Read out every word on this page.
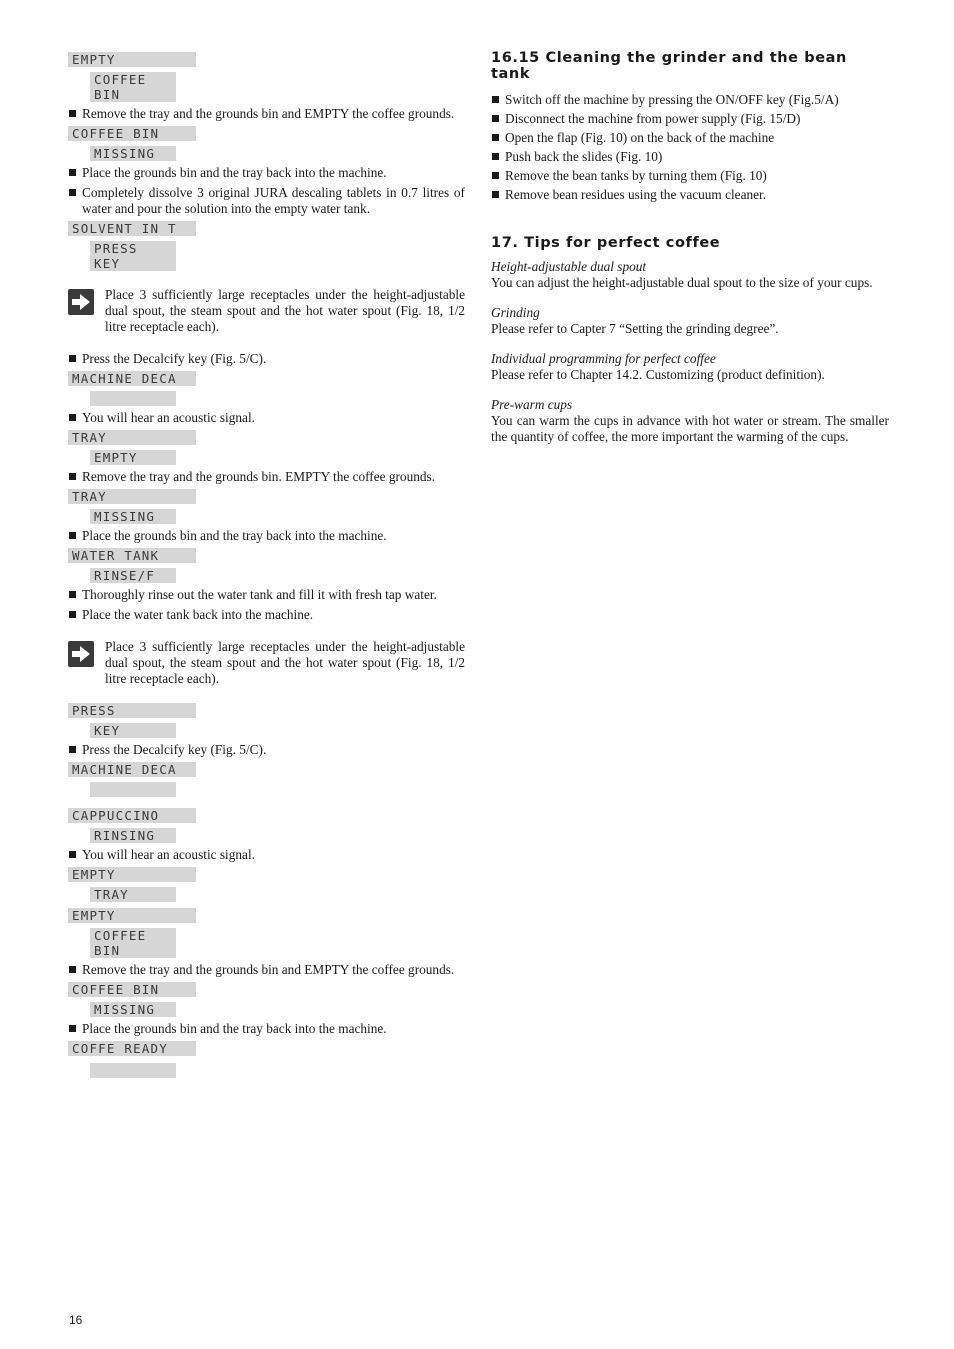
EMPTY
COFFEE
BIN
Remove the tray and the grounds bin and EMPTY the coffee grounds.
COFFEE BIN
MISSING
Place the grounds bin and the tray back into the machine.
Completely dissolve 3 original JURA descaling tablets in 0.7 litres of water and pour the solution into the empty water tank.
SOLVENT IN T
PRESS
KEY
Place 3 sufficiently large receptacles under the height-adjustable dual spout, the steam spout and the hot water spout (Fig. 18, 1/2 litre receptacle each).
Press the Decalcify key (Fig. 5/C).
MACHINE DECA
You will hear an acoustic signal.
TRAY
EMPTY
Remove the tray and the grounds bin. EMPTY the coffee grounds.
TRAY
MISSING
Place the grounds bin and the tray back into the machine.
WATER TANK
RINSE/F
Thoroughly rinse out the water tank and fill it with fresh tap water.
Place the water tank back into the machine.
Place 3 sufficiently large receptacles under the height-adjustable dual spout, the steam spout and the hot water spout (Fig. 18, 1/2 litre receptacle each).
PRESS
KEY
Press the Decalcify key (Fig. 5/C).
MACHINE DECA
CAPPUCCINO
RINSING
You will hear an acoustic signal.
EMPTY
TRAY
EMPTY
COFFEE
BIN
Remove the tray and the grounds bin and EMPTY the coffee grounds.
COFFEE BIN
MISSING
Place the grounds bin and the tray back into the machine.
COFFE READY
16.15 Cleaning the grinder and the bean tank
Switch off the machine by pressing the ON/OFF key (Fig.5/A)
Disconnect the machine from power supply (Fig. 15/D)
Open the flap (Fig. 10) on the back of the machine
Push back the slides (Fig. 10)
Remove the bean tanks by turning them (Fig. 10)
Remove bean residues using the vacuum cleaner.
17. Tips for perfect coffee
Height-adjustable dual spout
You can adjust the height-adjustable dual spout to the size of your cups.
Grinding
Please refer to Capter 7 “Setting the grinding degree”.
Individual programming for perfect coffee
Please refer to Chapter 14.2. Customizing (product definition).
Pre-warm cups
You can warm the cups in advance with hot water or stream. The smaller the quantity of coffee, the more important the warming of the cups.
16
